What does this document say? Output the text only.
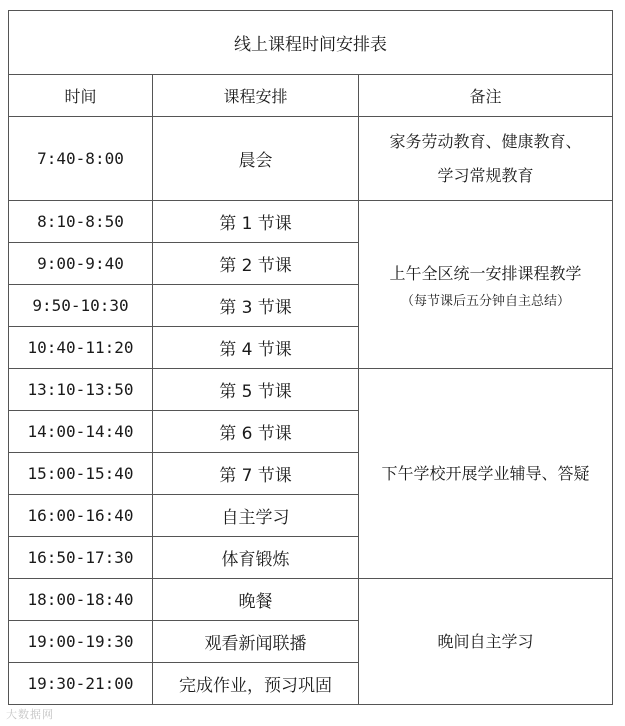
线上课程时间安排表		
时间	课程安排	备注
7:40-8:00	晨会	家务劳动教育、健康教育、
学习常规教育
8:10-8:50	第 1 节课	上午全区统一安排课程教学
（每节课后五分钟自主总结）

9:00-9:40	第 2 节课	
9:50-10:30	第 3 节课	
10:40-11:20	第 4 节课	
13:10-13:50	第 5 节课	下午学校开展学业辅导、答疑
14:00-14:40	第 6 节课	
15:00-15:40	第 7 节课	
16:00-16:40	自主学习	
16:50-17:30	体育锻炼	
18:00-18:40	晚餐	晚间自主学习
19:00-19:30	观看新闻联播	
19:30-21:00	完成作业，预习巩固	
大数据网
